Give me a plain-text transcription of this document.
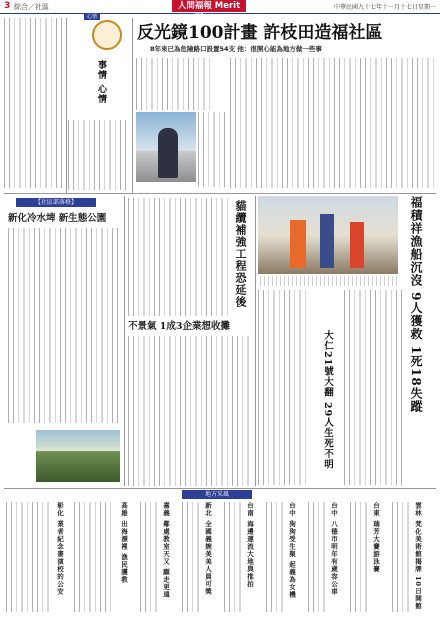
3 綜合／社區	人間福報 Merit Times
中華民國九十七年十一月十七日星期一
心情
事情 心情
反光鏡100計畫 許枝田造福社區
8年來已為危險路口設置54支 他：很開心能為地方做一些事
【社區部落格】
新化冷水埤 新生態公園	貓纜補強工程恐延後
不景氣 1成3企業想收攤	福積祥漁船沉沒 9人獲救 1死18失蹤
大仁21號大翻 29人生死不明
地方采風
雲林 梵化美術館揭牌 10日開館
台東 瑞芳大賽游泳賽
台中 八德市明年有歲容公車
台中 狗狗受生聚 起義為女機
台南 海邊運流大地與推拍
新北 全國義婉美美人員可獎
嘉義 鄰處教室天又 願走更遠
高雄 出海漂裡 漁民護教
彰化 業者紀念書演校的公安
